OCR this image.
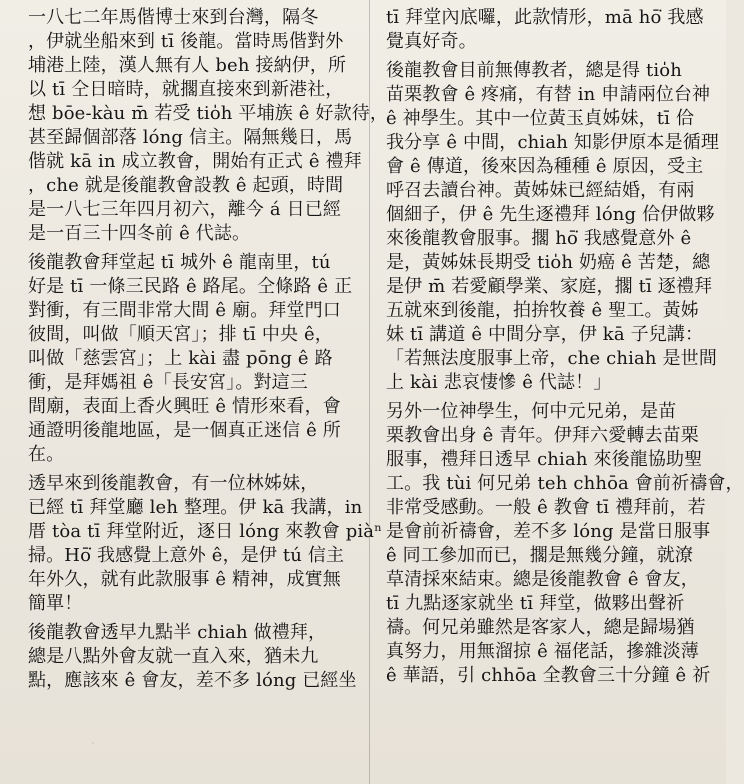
一八七二年馬偕博士來到台灣，隔冬
，伊就坐船來到 tī 後龍。當時馬偕對外
埔港上陸，漢人無有人 beh 接納伊，所
以 tī 仝日暗時，就擱直接來到新港社，
想 bōe-kàu m̄ 若受 tio̍h 平埔族 ê 好款待，
甚至歸個部落 lóng 信主。隔無幾日，馬
偕就 kā in 成立教會，開始有正式 ê 禮拜
，che 就是後龍教會設教 ê 起頭，時間
是一八七三年四月初六，離今 á 日已經
是一百三十四冬前 ê 代誌。
後龍教會拜堂起 tī 城外 ê 龍南里，tú
好是 tī 一條三民路 ê 路尾。仝條路 ê 正
對衝，有三間非常大間 ê 廟。拜堂門口
彼間，叫做「順天宮」；排 tī 中央 ê，
叫做「慈雲宮」；上 kài 盡 pōng ê 路
衝，是拜媽祖 ê「長安宮」。對這三
間廟，表面上香火興旺 ê 情形來看，會
通證明後龍地區，是一個真正迷信 ê 所
在。
透早來到後龍教會，有一位林姊妹，
已經 tī 拜堂廳 leh 整理。伊 kā 我講，in
厝 tòa tī 拜堂附近，逐日 lóng 來教會 piàⁿ
掃。Hō͘ 我感覺上意外 ê，是伊 tú 信主
年外久，就有此款服事 ê 精神，成實無
簡單！
後龍教會透早九點半 chiah 做禮拜，
總是八點外會友就一直入來，猶未九
點，應該來 ê 會友，差不多 lóng 已經坐
tī 拜堂內底囉，此款情形，mā hō͘ 我感
覺真好奇。
後龍教會目前無傳教者，總是得 tio̍h
苗栗教會 ê 疼痛，有替 in 申請兩位台神
ê 神學生。其中一位黃玉貞姊妹，tī 佮
我分享 ê 中間，chiah 知影伊原本是循理
會 ê 傳道，後來因為種種 ê 原因，受主
呼召去讀台神。黃姊妹已經結婚，有兩
個細子，伊 ê 先生逐禮拜 lóng 佮伊做夥
來後龍教會服事。擱 hō͘ 我感覺意外 ê
是，黃姊妹長期受 tio̍h 奶癌 ê 苦楚，總
是伊 m̄ 若愛顧學業、家庭，擱 tī 逐禮拜
五就來到後龍，拍拚牧養 ê 聖工。黃姊
妹 tī 講道 ê 中間分享，伊 kā 子兒講：
「若無法度服事上帝，che chiah 是世間
上 kài 悲哀悽慘 ê 代誌！」
另外一位神學生，何中元兄弟，是苗
栗教會出身 ê 青年。伊拜六愛轉去苗栗
服事，禮拜日透早 chiah 來後龍協助聖
工。我 tùi 何兄弟 teh chhōa 會前祈禱會，
非常受感動。一般 ê 教會 tī 禮拜前，若
是會前祈禱會，差不多 lóng 是當日服事
ê 同工參加而已，擱是無幾分鐘，就潦
草清採來結束。總是後龍教會 ê 會友，
tī 九點逐家就坐 tī 拜堂，做夥出聲祈
禱。何兄弟雖然是客家人，總是歸場猶
真努力，用無溜掠 ê 福佬話，摻雜淡薄
ê 華語，引 chhōa 全教會三十分鐘 ê 祈
